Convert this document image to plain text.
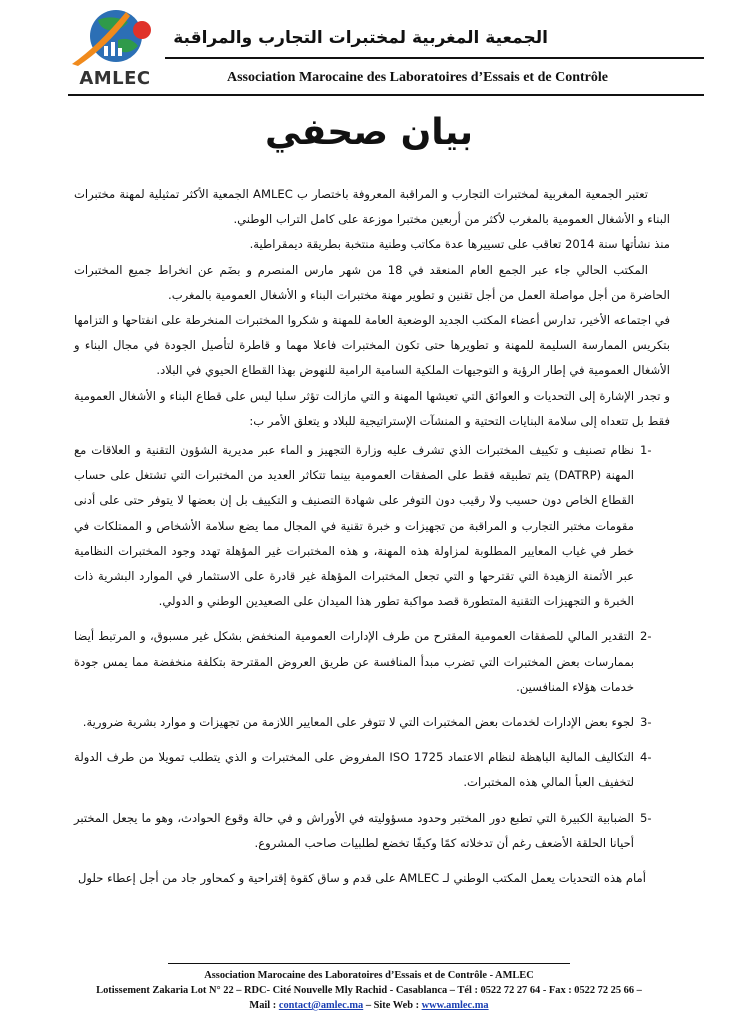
AMLEC
الجمعية المغربية لمختبرات التجارب والمراقبة
Association Marocaine des Laboratoires d’Essais et de Contrôle
بيان صحفي

تعتبر الجمعية المغربية لمختبرات التجارب و المراقبة المعروفة باختصار ب AMLEC الجمعية الأكثر تمثيلية لمهنة مختبرات البناء و الأشغال العمومية بالمغرب لأكثر من أربعين مختبرا موزعة على كامل التراب الوطني.

منذ نشأتها سنة 2014 تعاقب على تسييرها عدة مكاتب وطنية منتخبة بطريقة ديمقراطية.

المكتب الحالي جاء عبر الجمع العام المنعقد في 18 من شهر مارس المنصرم و بضَم عن انخراط جميع المختبرات الحاضرة من أجل مواصلة العمل من أجل تقنين و تطوير مهنة مختبرات البناء و الأشغال العمومية بالمغرب.

في اجتماعه الأخير، تدارس أعضاء المكتب الجديد الوضعية العامة للمهنة و شكروا المختبرات المنخرطة على انفتاحها و التزامها بتكريس الممارسة السليمة للمهنة و تطويرها حتى تكون المختبرات فاعلا مهما و قاطرة لتأصيل الجودة في مجال البناء و الأشغال العمومية في إطار الرؤية و التوجيهات الملكية السامية الرامية للنهوض بهذا القطاع الحيوي في البلاد.

و تجدر الإشارة إلى التحديات و العوائق التي تعيشها المهنة و التي مازالت تؤثر سلبا ليس على قطاع البناء و الأشغال العمومية فقط بل تتعداه إلى سلامة البنايات التحتية و المنشآت الإستراتيجية للبلاد و يتعلق الأمر ب:

-1
نظام تصنيف و تكييف المختبرات الذي تشرف عليه وزارة التجهيز و الماء عبر مديرية الشؤون التقنية و العلاقات مع المهنة (DATRP) يتم تطبيقه فقط على الصفقات العمومية بينما تتكاثر العديد من المختبرات التي تشتغل على حساب القطاع الخاص دون حسيب ولا رقيب دون التوفر على شهادة التصنيف و التكييف بل إن بعضها لا يتوفر حتى على أدنى مقومات مختبر التجارب و المراقبة من تجهيزات و خبرة تقنية في المجال مما يضع سلامة الأشخاص و الممتلكات في خطر في غياب المعايير المطلوبة لمزاولة هذه المهنة، و هذه المختبرات غير المؤهلة تهدد وجود المختبرات النظامية عبر الأثمنة الزهيدة التي تقترحها و التي تجعل المختبرات المؤهلة غير قادرة على الاستثمار في الموارد البشرية ذات الخبرة و التجهيزات التقنية المتطورة قصد مواكبة تطور هذا الميدان على الصعيدين الوطني و الدولي.
-2
التقدير المالي للصفقات العمومية المقترح من طرف الإدارات العمومية المنخفض بشكل غير مسبوق، و المرتبط أيضا بممارسات بعض المختبرات التي تضرب مبدأ المنافسة عن طريق العروض المقترحة بتكلفة منخفضة مما يمس جودة خدمات هؤلاء المنافسين.
-3
لجوء بعض الإدارات لخدمات بعض المختبرات التي لا تتوفر على المعايير اللازمة من تجهيزات و موارد بشرية ضرورية.
-4
التكاليف المالية الباهظة لنظام الاعتماد ISO 1725 المفروض على المختبرات و الذي يتطلب تمويلا من طرف الدولة لتخفيف العبأ المالي هذه المختبرات.
-5
الضبابية الكبيرة التي تطبع دور المختبر وحدود مسؤوليته في الأوراش و في حالة وقوع الحوادث، وهو ما يجعل المختبر أحيانا الحلقة الأضعف رغم أن تدخلاته كمًا وكيفًا تخضع لطلبيات صاحب المشروع.

أمام هذه التحديات يعمل المكتب الوطني لـ AMLEC على قدم و ساق كقوة إقتراحية و كمحاور جاد من أجل إعطاء حلول

Association Marocaine des Laboratoires d’Essais et de Contrôle - AMLEC
Lotissement Zakaria Lot N° 22 – RDC- Cité Nouvelle Mly Rachid - Casablanca – Tél : 0522 72 27 64 - Fax : 0522 72 25 66 –
Mail : contact@amlec.ma – Site Web : www.amlec.ma
